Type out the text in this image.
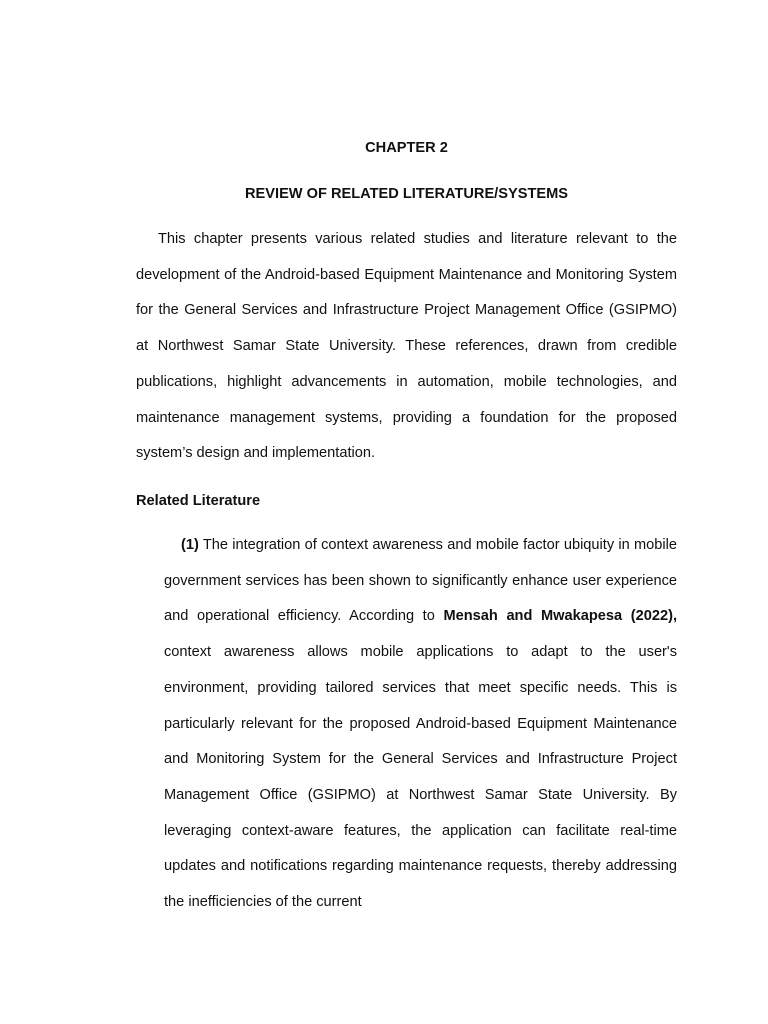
CHAPTER 2
REVIEW OF RELATED LITERATURE/SYSTEMS

This chapter presents various related studies and literature relevant to the development of the Android-based Equipment Maintenance and Monitoring System for the General Services and Infrastructure Project Management Office (GSIPMO) at Northwest Samar State University. These references, drawn from credible publications, highlight advancements in automation, mobile technologies, and maintenance management systems, providing a foundation for the proposed system’s design and implementation.

Related Literature

(1) The integration of context awareness and mobile factor ubiquity in mobile government services has been shown to significantly enhance user experience and operational efficiency. According to Mensah and Mwakapesa (2022), context awareness allows mobile applications to adapt to the user's environment, providing tailored services that meet specific needs. This is particularly relevant for the proposed Android-based Equipment Maintenance and Monitoring System for the General Services and Infrastructure Project Management Office (GSIPMO) at Northwest Samar State University. By leveraging context-aware features, the application can facilitate real-time updates and notifications regarding maintenance requests, thereby addressing the inefficiencies of the current
